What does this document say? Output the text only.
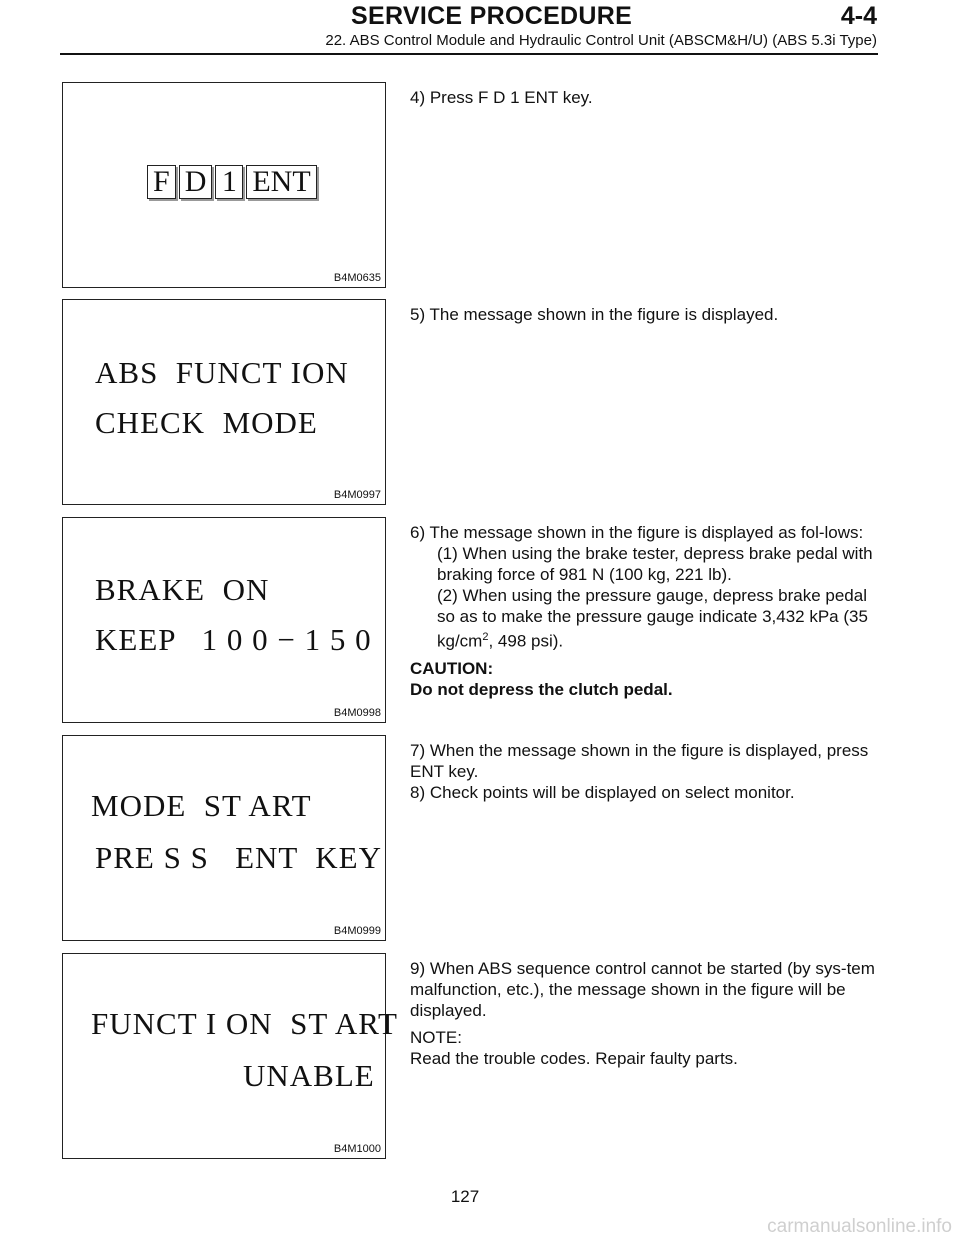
SERVICE PROCEDURE	4-4
22. ABS Control Module and Hydraulic Control Unit (ABSCM&H/U) (ABS 5.3i Type)
F D 1 ENT
B4M0635
ABS  FUNCT ION
CHECK  MODE
B4M0997
BRAKE  ON
KEEP   1 0 0 − 1 5 0
B4M0998
MODE  ST ART
PRE S S   ENT  KEY
B4M0999
FUNCT I ON  ST ART
UNABLE
B4M1000

4) Press F D 1 ENT key.

5) The message shown in the figure is displayed.

6) The message shown in the figure is displayed as fol-lows:

(1) When using the brake tester, depress brake pedal with braking force of 981 N (100 kg, 221 lb).

(2) When using the pressure gauge, depress brake pedal so as to make the pressure gauge indicate 3,432 kPa (35 $kg/cm^2$, 498 psi).

CAUTION:

Do not depress the clutch pedal.

7) When the message shown in the figure is displayed, press ENT key.

8) Check points will be displayed on select monitor.

9) When ABS sequence control cannot be started (by sys-tem malfunction, etc.), the message shown in the figure will be displayed.

NOTE:

Read the trouble codes. Repair faulty parts.

127
carmanualsonline.info
